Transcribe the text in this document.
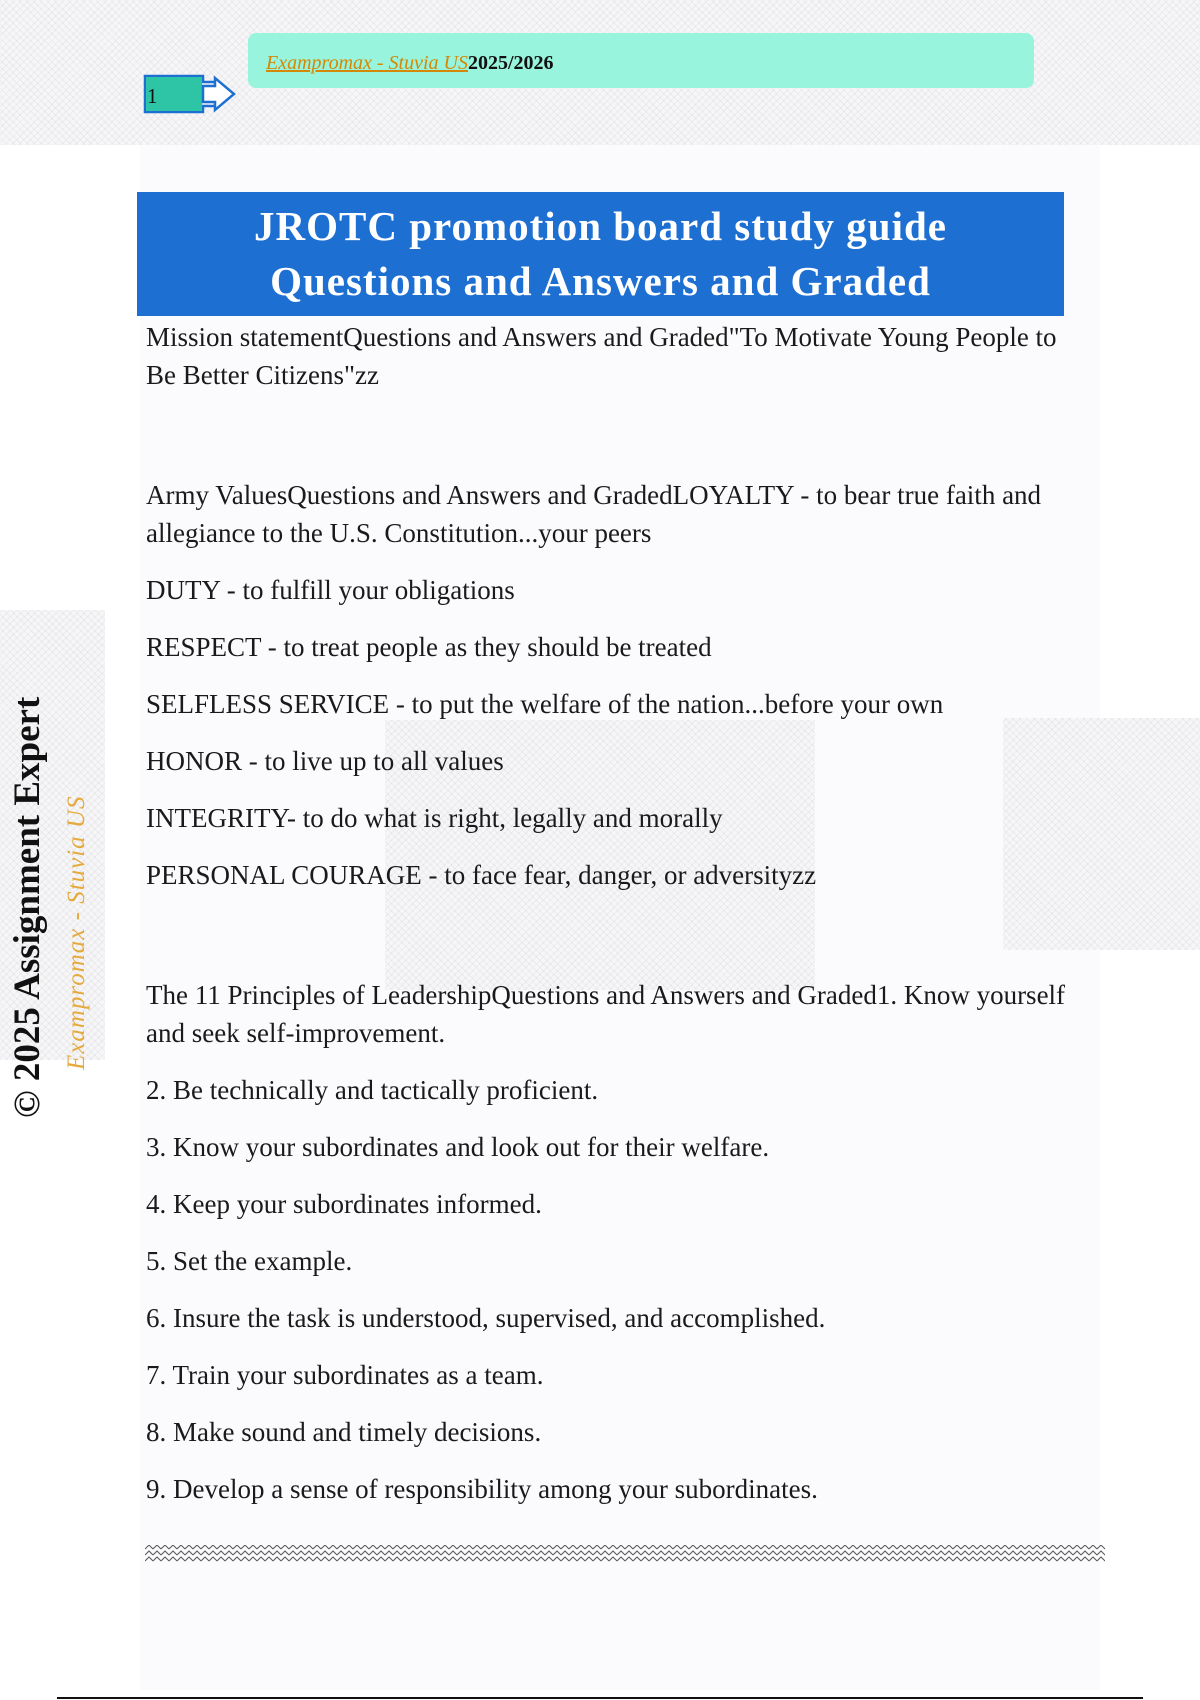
Exampromax - Stuvia US2025/2026
1
© 2025 Assignment Expert Exampromax - Stuvia US
JROTC promotion board study guide
Questions and Answers and Graded

Mission statementQuestions and Answers and Graded"To Motivate Young People to Be Better Citizens"zz

Army ValuesQuestions and Answers and GradedLOYALTY - to bear true faith and allegiance to the U.S. Constitution...your peers

DUTY - to fulfill your obligations

RESPECT - to treat people as they should be treated

SELFLESS SERVICE - to put the welfare of the nation...before your own

HONOR - to live up to all values

INTEGRITY- to do what is right, legally and morally

PERSONAL COURAGE - to face fear, danger, or adversityzz

The 11 Principles of LeadershipQuestions and Answers and Graded1. Know yourself and seek self-improvement.

2. Be technically and tactically proficient.

3. Know your subordinates and look out for their welfare.

4. Keep your subordinates informed.

5. Set the example.

6. Insure the task is understood, supervised, and accomplished.

7. Train your subordinates as a team.

8. Make sound and timely decisions.

9. Develop a sense of responsibility among your subordinates.
